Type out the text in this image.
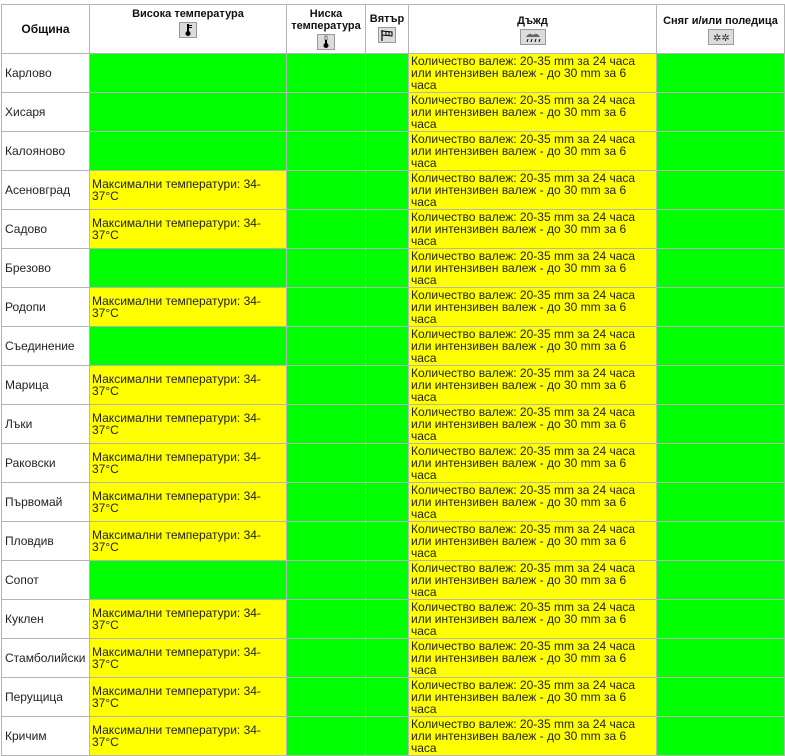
Община	Висока температура	Ниска температура	Вятър	Дъжд	Сняг и/или поледица
✲✲

Карлово				Количество валеж: 20-35 mm за 24 часа или интензивен валеж - до 30 mm за 6 часа	
Хисаря				Количество валеж: 20-35 mm за 24 часа или интензивен валеж - до 30 mm за 6 часа	
Калояново				Количество валеж: 20-35 mm за 24 часа или интензивен валеж - до 30 mm за 6 часа	
Асеновград	Максимални температури: 34-37°C			Количество валеж: 20-35 mm за 24 часа или интензивен валеж - до 30 mm за 6 часа	
Садово	Максимални температури: 34-37°C			Количество валеж: 20-35 mm за 24 часа или интензивен валеж - до 30 mm за 6 часа	
Брезово				Количество валеж: 20-35 mm за 24 часа или интензивен валеж - до 30 mm за 6 часа	
Родопи	Максимални температури: 34-37°C			Количество валеж: 20-35 mm за 24 часа или интензивен валеж - до 30 mm за 6 часа	
Съединение				Количество валеж: 20-35 mm за 24 часа или интензивен валеж - до 30 mm за 6 часа	
Марица	Максимални температури: 34-37°C			Количество валеж: 20-35 mm за 24 часа или интензивен валеж - до 30 mm за 6 часа	
Лъки	Максимални температури: 34-37°C			Количество валеж: 20-35 mm за 24 часа или интензивен валеж - до 30 mm за 6 часа	
Раковски	Максимални температури: 34-37°C			Количество валеж: 20-35 mm за 24 часа или интензивен валеж - до 30 mm за 6 часа	
Първомай	Максимални температури: 34-37°C			Количество валеж: 20-35 mm за 24 часа или интензивен валеж - до 30 mm за 6 часа	
Пловдив	Максимални температури: 34-37°C			Количество валеж: 20-35 mm за 24 часа или интензивен валеж - до 30 mm за 6 часа	
Сопот				Количество валеж: 20-35 mm за 24 часа или интензивен валеж - до 30 mm за 6 часа	
Куклен	Максимални температури: 34-37°C			Количество валеж: 20-35 mm за 24 часа или интензивен валеж - до 30 mm за 6 часа	
Стамболийски	Максимални температури: 34-37°C			Количество валеж: 20-35 mm за 24 часа или интензивен валеж - до 30 mm за 6 часа	
Перущица	Максимални температури: 34-37°C			Количество валеж: 20-35 mm за 24 часа или интензивен валеж - до 30 mm за 6 часа	
Кричим	Максимални температури: 34-37°C			Количество валеж: 20-35 mm за 24 часа или интензивен валеж - до 30 mm за 6 часа	
